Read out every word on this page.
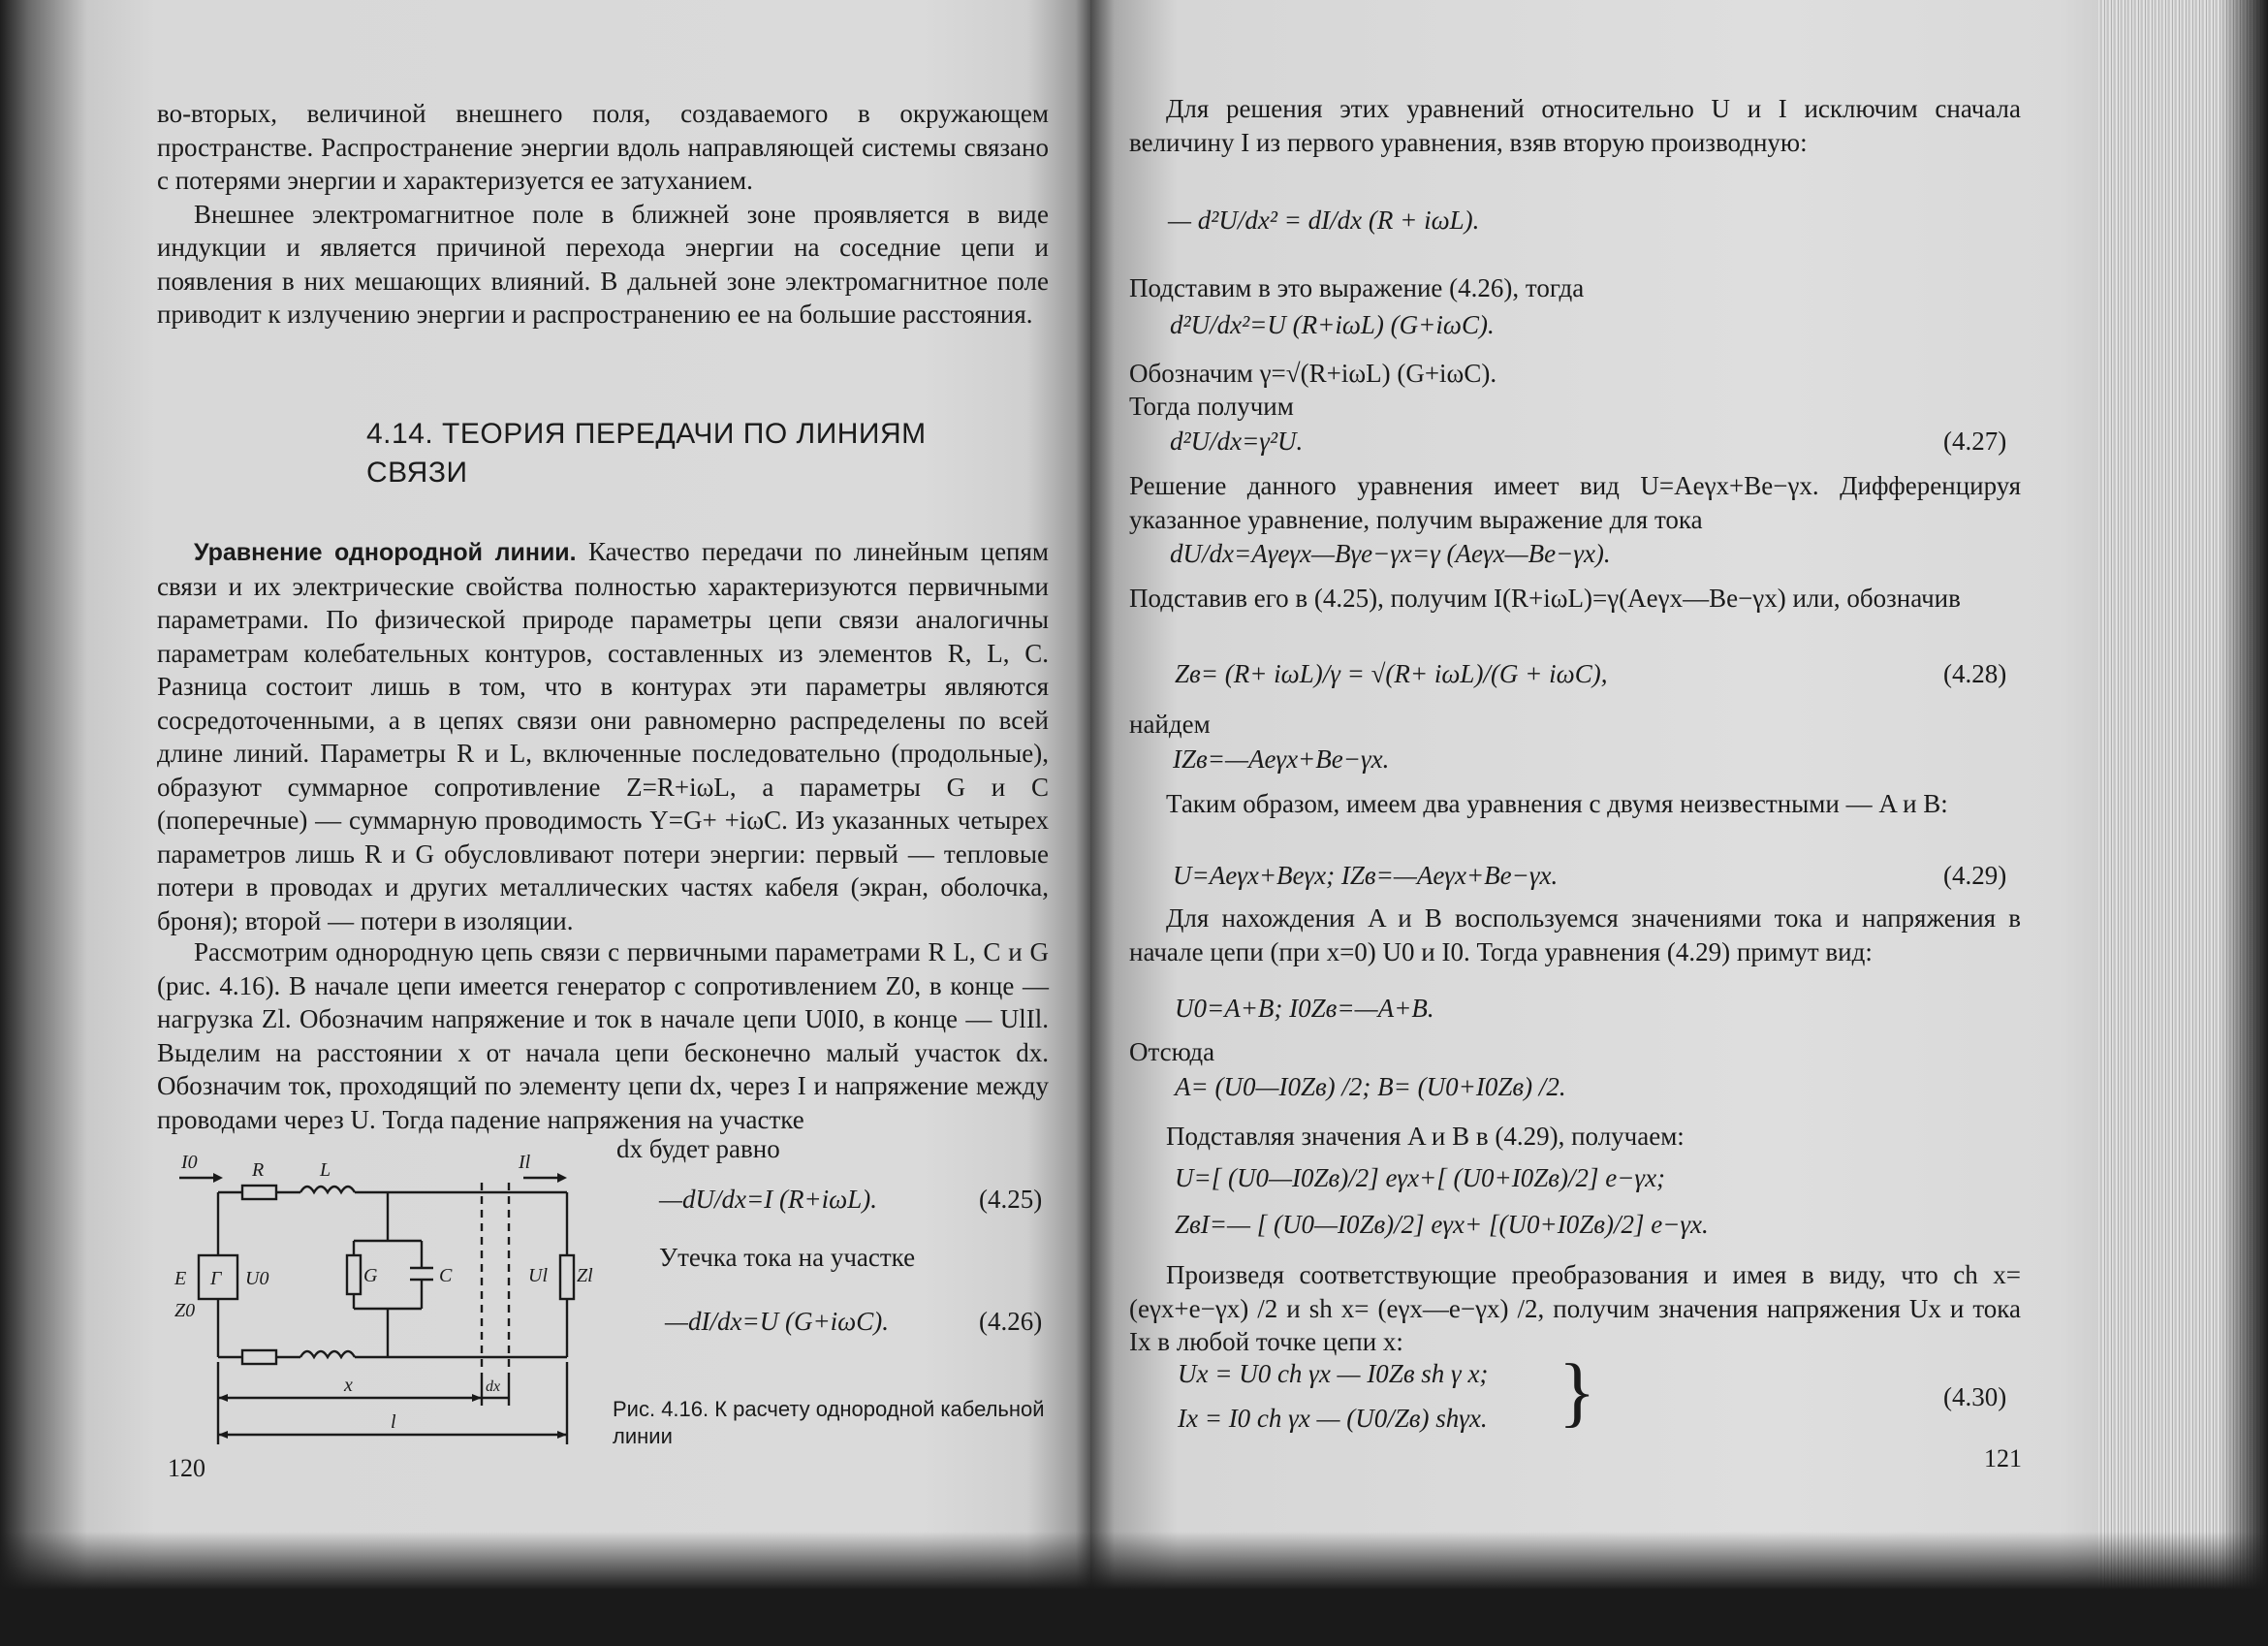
во-вторых, величиной внешнего поля, создаваемого в окружающем пространстве. Распространение энергии вдоль направляющей системы связано с потерями энергии и характеризуется ее затуханием.

Внешнее электромагнитное поле в ближней зоне проявляется в виде индукции и является причиной перехода энергии на соседние цепи и появления в них мешающих влияний. В дальней зоне электромагнитное поле приводит к излучению энергии и распространению ее на большие расстояния.

4.14. ТЕОРИЯ ПЕРЕДАЧИ ПО ЛИНИЯМ
СВЯЗИ

Уравнение однородной линии. Качество передачи по линейным цепям связи и их электрические свойства полностью характеризуются первичными параметрами. По физической природе параметры цепи связи аналогичны параметрам колебательных контуров, составленных из элементов R, L, C. Разница состоит лишь в том, что в контурах эти параметры являются сосредоточенными, а в цепях связи они равномерно распределены по всей длине линий. Параметры R и L, включенные последовательно (продольные), образуют суммарное сопротивление Z=R+iωL, а параметры G и C (поперечные) — суммарную проводимость Y=G+ +iωC. Из указанных четырех параметров лишь R и G обусловливают потери энергии: первый — тепловые потери в проводах и других металлических частях кабеля (экран, оболочка, броня); второй — потери в изоляции.

Рассмотрим однородную цепь связи с первичными параметрами R L, C и G (рис. 4.16). В начале цепи имеется генератор с сопротивлением Z0, в конце — нагрузка Zl. Обозначим напряжение и ток в начале цепи U0I0, в конце — UlIl. Выделим на расстоянии x от начала цепи бесконечно малый участок dx. Обозначим ток, проходящий по элементу цепи dx, через I и напряжение между проводами через U. Тогда падение напряжения на участке

dx будет равно
I0	R	L	Il
E Г U0
Z0
G	C	Ul Zl
x	dx
l
—dU/dx=I (R+iωL).	(4.25)
Утечка тока на участке
—dI/dx=U (G+iωC).	(4.26)
Рис. 4.16. К расчету однородной кабельной линии
120

Для решения этих уравнений относительно U и I исключим сначала величину I из первого уравнения, взяв вторую производную:

— d²U/dx² = dI/dx (R + iωL).
Подставим в это выражение (4.26), тогда
d²U/dx²=U (R+iωL) (G+iωC).
Обозначим γ=√(R+iωL) (G+iωC).
Тогда получим
d²U/dx=γ²U.	(4.27)
Решение данного уравнения имеет вид U=Aeγx+Be−γx. Дифференцируя указанное уравнение, получим выражение для тока
dU/dx=Aγeγx—Bγe−γx=γ (Aeγx—Be−γx).
Подставив его в (4.25), получим I(R+iωL)=γ(Aeγx—Be−γx) или, обозначив
Zв= (R+ iωL)/γ = √(R+ iωL)/(G + iωC),	(4.28)
найдем
IZв=—Aeγx+Be−γx.

Таким образом, имеем два уравнения с двумя неизвестными — A и B:

U=Aeγx+Beγx; IZв=—Aeγx+Be−γx.	(4.29)

Для нахождения A и B воспользуемся значениями тока и напряжения в начале цепи (при x=0) U0 и I0. Тогда уравнения (4.29) примут вид:

U0=A+B; I0Zв=—A+B.
Отсюда
A= (U0—I0Zв) /2; B= (U0+I0Zв) /2.

Подставляя значения A и B в (4.29), получаем:

U=[ (U0—I0Zв)/2] eγx+[ (U0+I0Zв)/2] e−γx;
ZвI=— [ (U0—I0Zв)/2] eγx+ [(U0+I0Zв)/2] e−γx.

Произведя соответствующие преобразования и имея в виду, что ch x= (eγx+e−γx) /2 и sh x= (eγx—e−γx) /2, получим значения напряжения Ux и тока Ix в любой точке цепи x:

Ux = U0 ch γx — I0Zв sh γ x;
Ix = I0 ch γx — (U0/Zв) shγx. }	(4.30)
121
